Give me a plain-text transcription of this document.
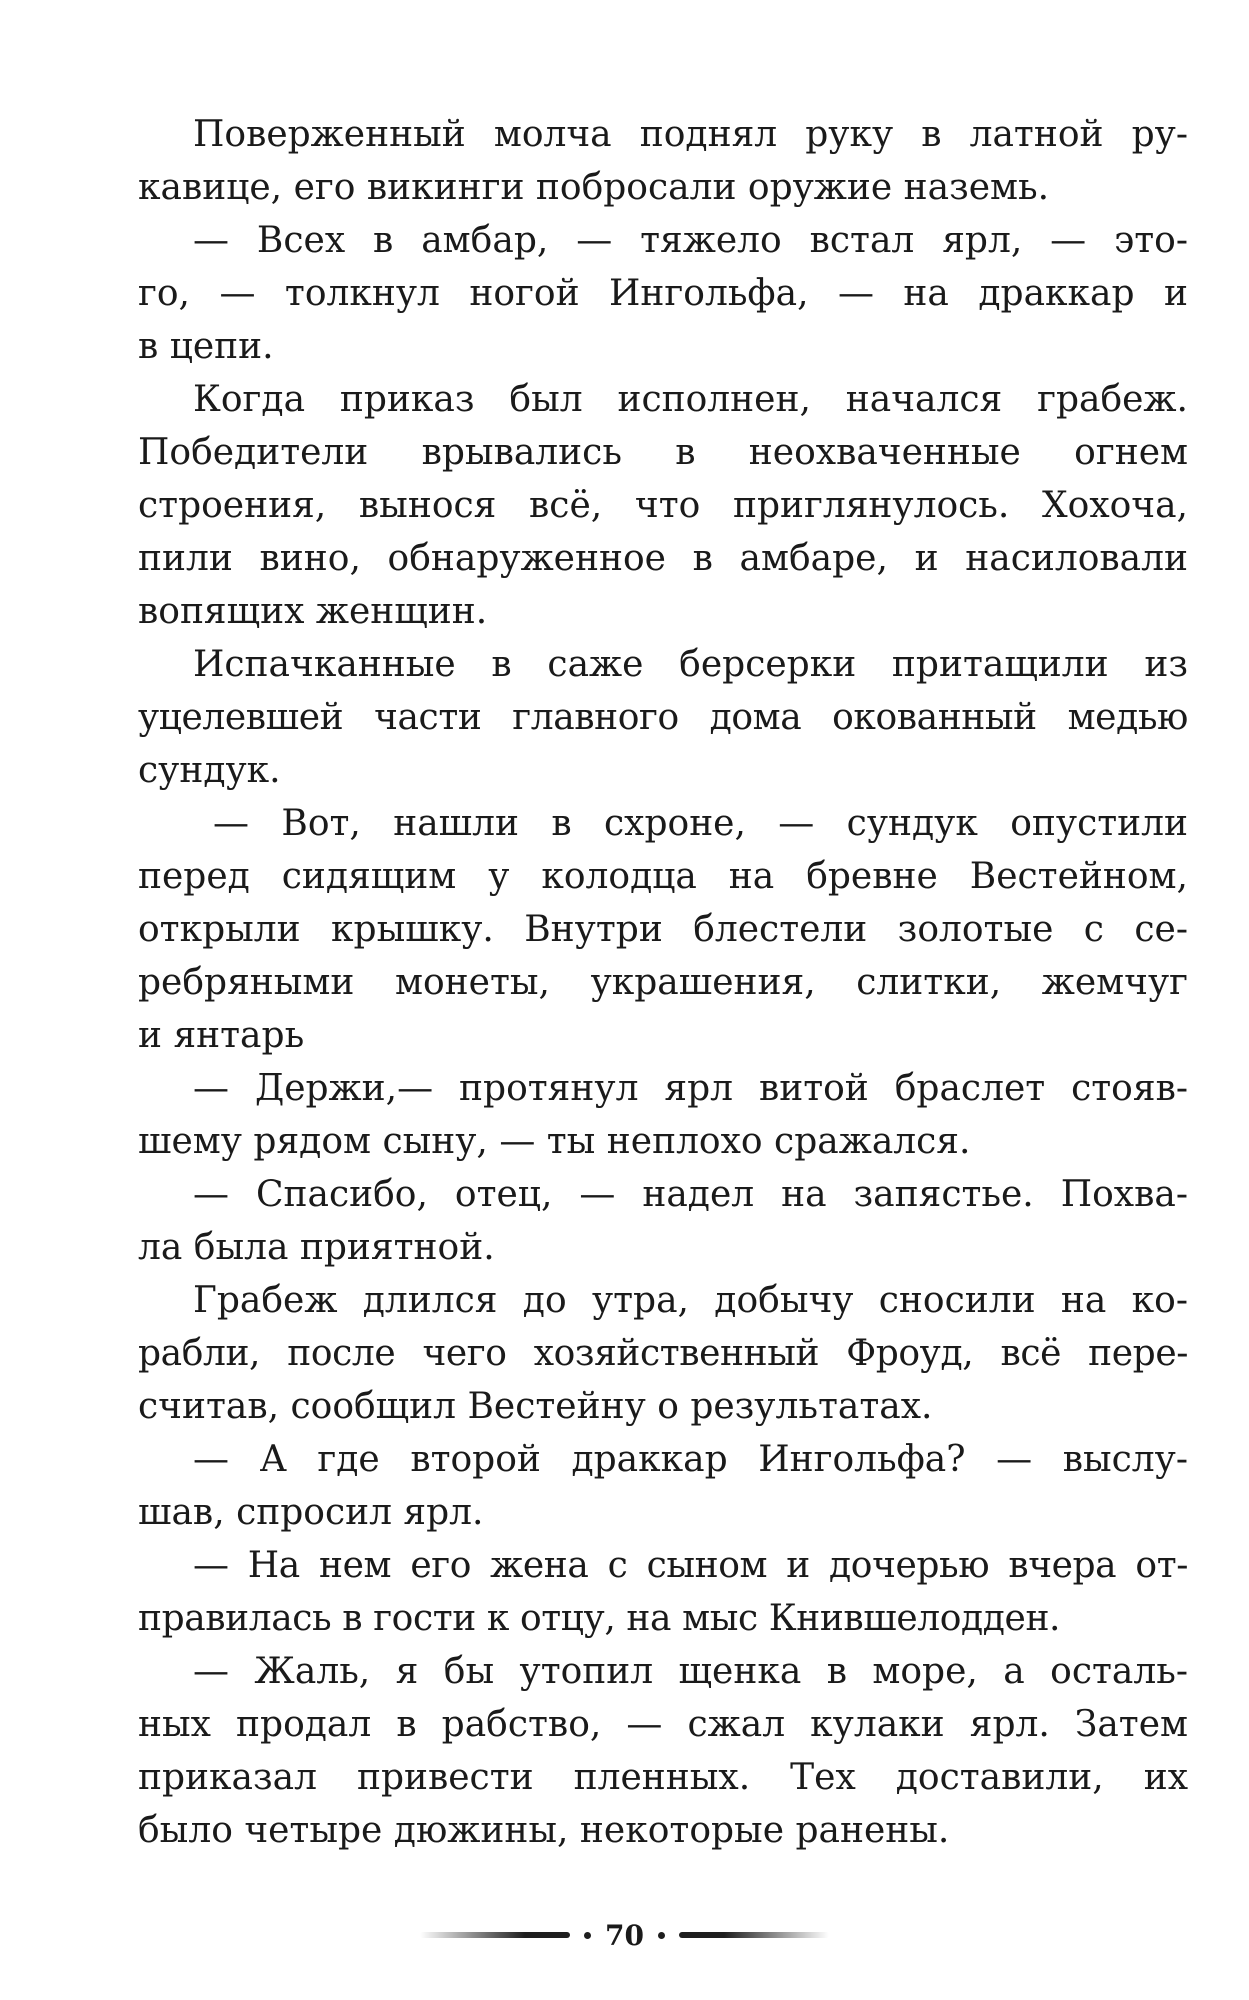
Поверженный молча поднял руку в латной ру-
кавице, его викинги побросали оружие наземь.
— Всех в амбар, — тяжело встал ярл, — это-
го, — толкнул ногой Ингольфа, — на драккар и
в цепи.
Когда приказ был исполнен, начался грабеж.
Победители врывались в неохваченные огнем
строения, вынося всё, что приглянулось. Хохоча,
пили вино, обнаруженное в амбаре, и насиловали
вопящих женщин.
Испачканные в саже берсерки притащили из
уцелевшей части главного дома окованный медью
сундук.
— Вот, нашли в схроне, — сундук опустили
перед сидящим у колодца на бревне Вестейном,
открыли крышку. Внутри блестели золотые с се-
ребряными монеты, украшения, слитки, жемчуг
и янтарь
— Держи,— протянул ярл витой браслет стояв-
шему рядом сыну, — ты неплохо сражался.
— Спасибо, отец, — надел на запястье. Похва-
ла была приятной.
Грабеж длился до утра, добычу сносили на ко-
рабли, после чего хозяйственный Фроуд, всё пере-
считав, сообщил Вестейну о результатах.
— А где второй драккар Ингольфа? — выслу-
шав, спросил ярл.
— На нем его жена с сыном и дочерью вчера от-
правилась в гости к отцу, на мыс Кнившелодден.
— Жаль, я бы утопил щенка в море, а осталь-
ных продал в рабство, — сжал кулаки ярл. Затем
приказал привести пленных. Тех доставили, их
было четыре дюжины, некоторые ранены.
70
